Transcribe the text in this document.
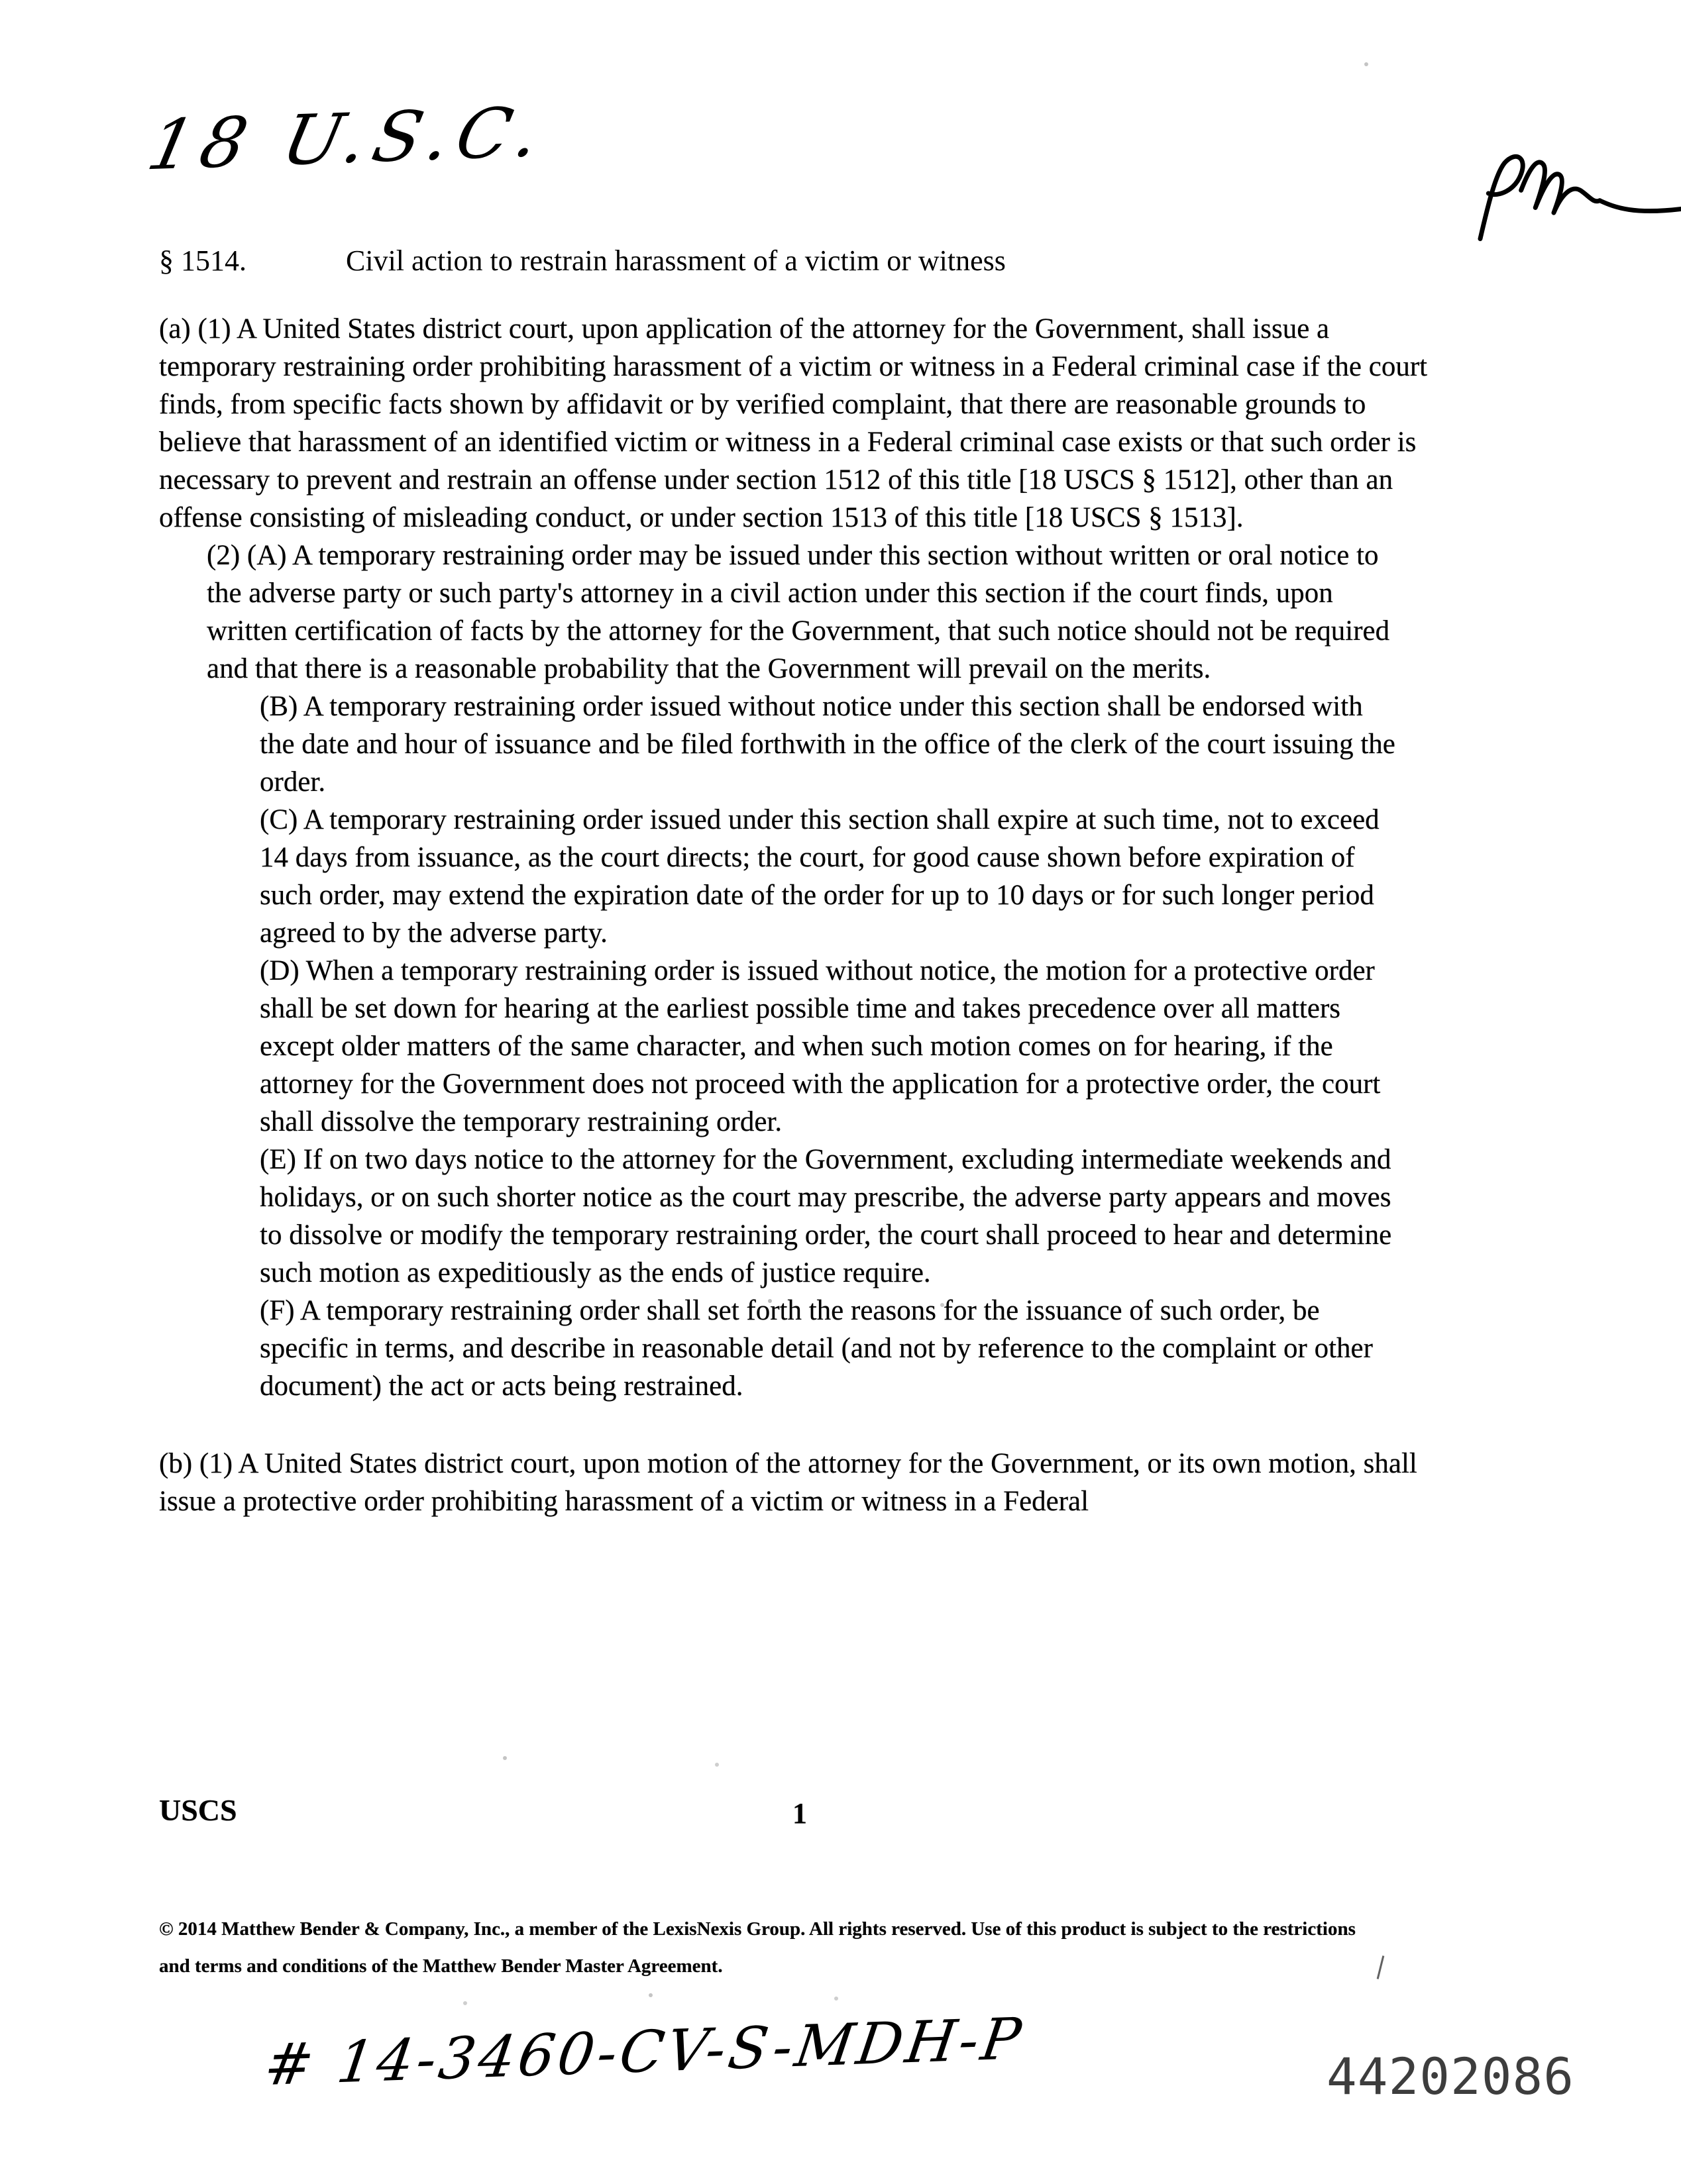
18 U.S.C.
§ 1514.	Civil action to restrain harassment of a victim or witness

(a) (1) A United States district court, upon application of the attorney for the Government, shall issue a temporary restraining order prohibiting harassment of a victim or witness in a Federal criminal case if the court finds, from specific facts shown by affidavit or by verified complaint, that there are reasonable grounds to believe that harassment of an identified victim or witness in a Federal criminal case exists or that such order is necessary to prevent and restrain an offense under section 1512 of this title [18 USCS § 1512], other than an offense consisting of misleading conduct, or under section 1513 of this title [18 USCS § 1513].

(2) (A) A temporary restraining order may be issued under this section without written or oral notice to the adverse party or such party's attorney in a civil action under this section if the court finds, upon written certification of facts by the attorney for the Government, that such notice should not be required and that there is a reasonable probability that the Government will prevail on the merits.

(B) A temporary restraining order issued without notice under this section shall be endorsed with the date and hour of issuance and be filed forthwith in the office of the clerk of the court issuing the order.

(C) A temporary restraining order issued under this section shall expire at such time, not to exceed 14 days from issuance, as the court directs; the court, for good cause shown before expiration of such order, may extend the expiration date of the order for up to 10 days or for such longer period agreed to by the adverse party.

(D) When a temporary restraining order is issued without notice, the motion for a protective order shall be set down for hearing at the earliest possible time and takes precedence over all matters except older matters of the same character, and when such motion comes on for hearing, if the attorney for the Government does not proceed with the application for a protective order, the court shall dissolve the temporary restraining order.

(E) If on two days notice to the attorney for the Government, excluding intermediate weekends and holidays, or on such shorter notice as the court may prescribe, the adverse party appears and moves to dissolve or modify the temporary restraining order, the court shall proceed to hear and determine such motion as expeditiously as the ends of justice require.

(F) A temporary restraining order shall set forth the reasons for the issuance of such order, be specific in terms, and describe in reasonable detail (and not by reference to the complaint or other document) the act or acts being restrained.

(b) (1) A United States district court, upon motion of the attorney for the Government, or its own motion, shall issue a protective order prohibiting harassment of a victim or witness in a Federal

USCS	1
© 2014 Matthew Bender & Company, Inc., a member of the LexisNexis Group. All rights reserved. Use of this product is subject to the restrictions
and terms and conditions of the Matthew Bender Master Agreement.
# 14-3460-CV-S-MDH-P	44202086
